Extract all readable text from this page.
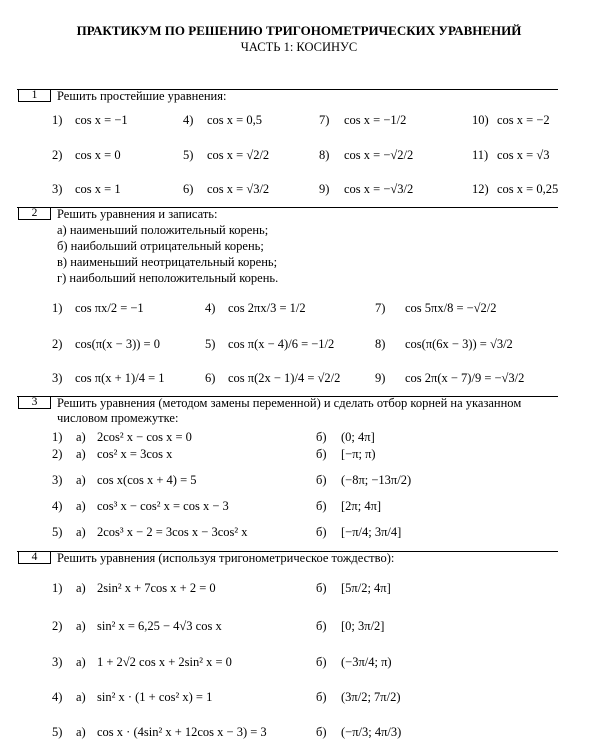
ПРАКТИКУМ ПО РЕШЕНИЮ ТРИГОНОМЕТРИЧЕСКИХ УРАВНЕНИЙ
ЧАСТЬ 1: КОСИНУС
1	Решить простейшие уравнения:
1) cos x = −1	4) cos x = 0,5	7) cos x = −1/2	10) cos x = −2
2) cos x = 0	5) cos x = √2/2	8) cos x = −√2/2	11) cos x = √3
3) cos x = 1	6) cos x = √3/2	9) cos x = −√3/2	12) cos x = 0,25
2	Решить уравнения и записать:
а) наименьший положительный корень;
б) наибольший отрицательный корень;
в) наименьший неотрицательный корень;
г) наибольший неположительный корень.
1) cos πx/2 = −1	4) cos 2πx/3 = 1/2	7) cos 5πx/8 = −√2/2
2) cos(π(x − 3)) = 0	5) cos π(x − 4)/6 = −1/2	8) cos(π(6x − 3)) = √3/2
3) cos π(x + 1)/4 = 1	6) cos π(2x − 1)/4 = √2/2	9) cos 2π(x − 7)/9 = −√3/2
3	Решить уравнения (методом замены переменной) и сделать отбор корней на указанном
числовом промежутке:
1) а) 2cos² x − cos x = 0	б) (0; 4π]
2) а) cos² x = 3cos x	б) [−π; π)
3) а) cos x(cos x + 4) = 5	б) (−8π; −13π/2)
4) а) cos³ x − cos² x = cos x − 3	б) [2π; 4π]
5) а) 2cos³ x − 2 = 3cos x − 3cos² x	б) [−π/4; 3π/4]
4	Решить уравнения (используя тригонометрическое тождество):
1) а) 2sin² x + 7cos x + 2 = 0	б) [5π/2; 4π]
2) а) sin² x = 6,25 − 4√3 cos x	б) [0; 3π/2]
3) а) 1 + 2√2 cos x + 2sin² x = 0	б) (−3π/4; π)
4) а) sin² x · (1 + cos² x) = 1	б) (3π/2; 7π/2)
5) а) cos x · (4sin² x + 12cos x − 3) = 3	б) (−π/3; 4π/3)
